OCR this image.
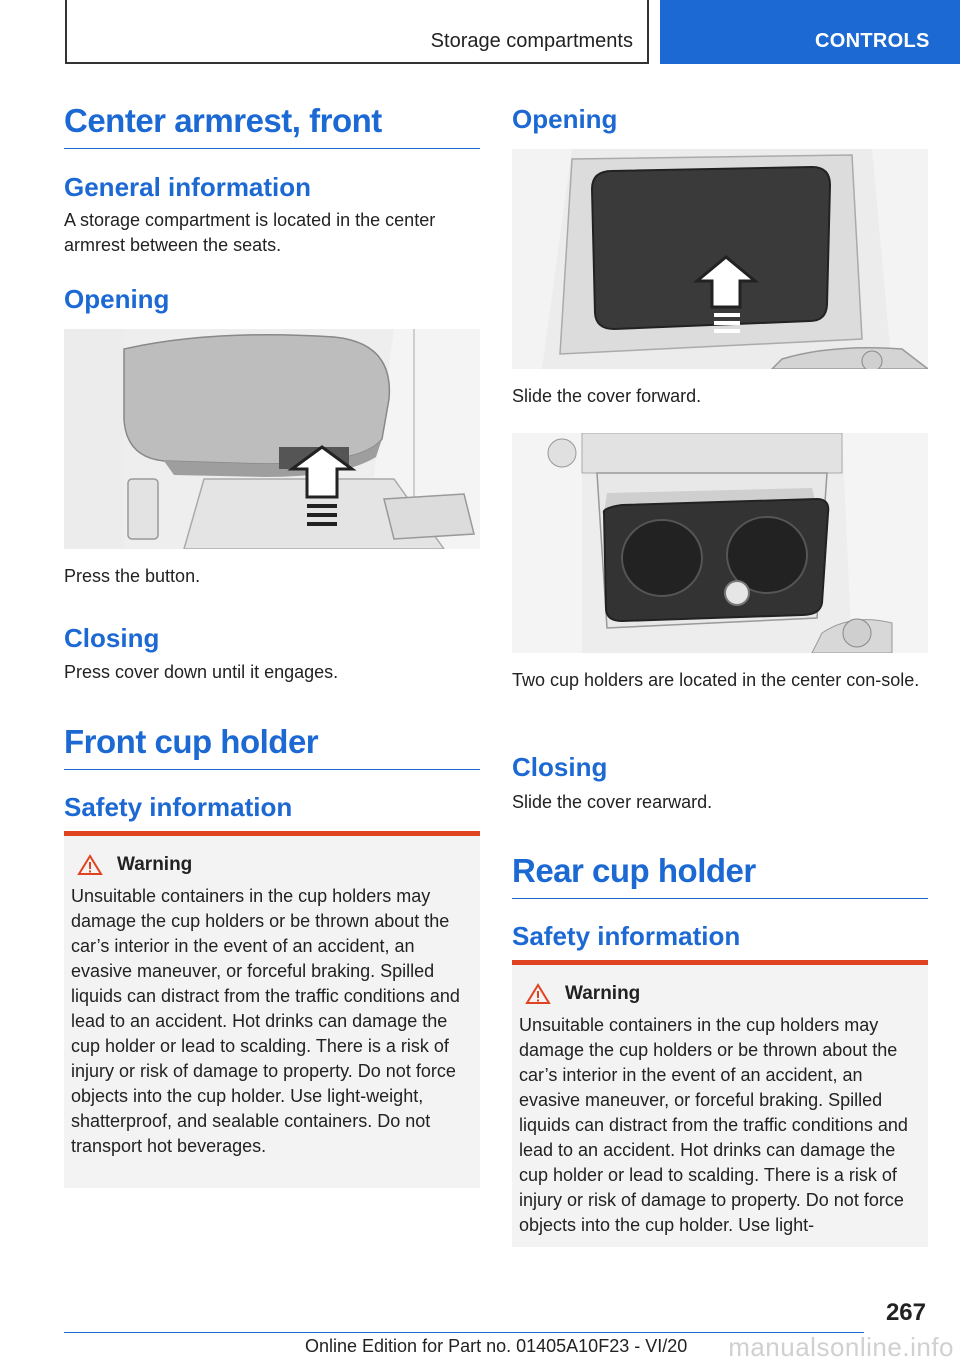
Storage compartments	CONTROLS
Center armrest, front
General information
A storage compartment is located in the center armrest between the seats.
Opening
Press the button.
Closing
Press cover down until it engages.
Front cup holder
Safety information
Warning
Unsuitable containers in the cup holders may damage the cup holders or be thrown about the car’s interior in the event of an accident, an evasive maneuver, or forceful braking. Spilled liquids can distract from the traffic conditions and lead to an accident. Hot drinks can damage the cup holder or lead to scalding. There is a risk of injury or risk of damage to property. Do not force objects into the cup holder. Use light‐weight, shatterproof, and sealable containers. Do not transport hot beverages.
Opening
Slide the cover forward.
Two cup holders are located in the center con‐sole.
Closing
Slide the cover rearward.
Rear cup holder
Safety information
Warning
Unsuitable containers in the cup holders may damage the cup holders or be thrown about the car’s interior in the event of an accident, an evasive maneuver, or forceful braking. Spilled liquids can distract from the traffic conditions and lead to an accident. Hot drinks can damage the cup holder or lead to scalding. There is a risk of injury or risk of damage to property. Do not force objects into the cup holder. Use light‐
267
Online Edition for Part no. 01405A10F23 - VI/20 manualsonline.info
